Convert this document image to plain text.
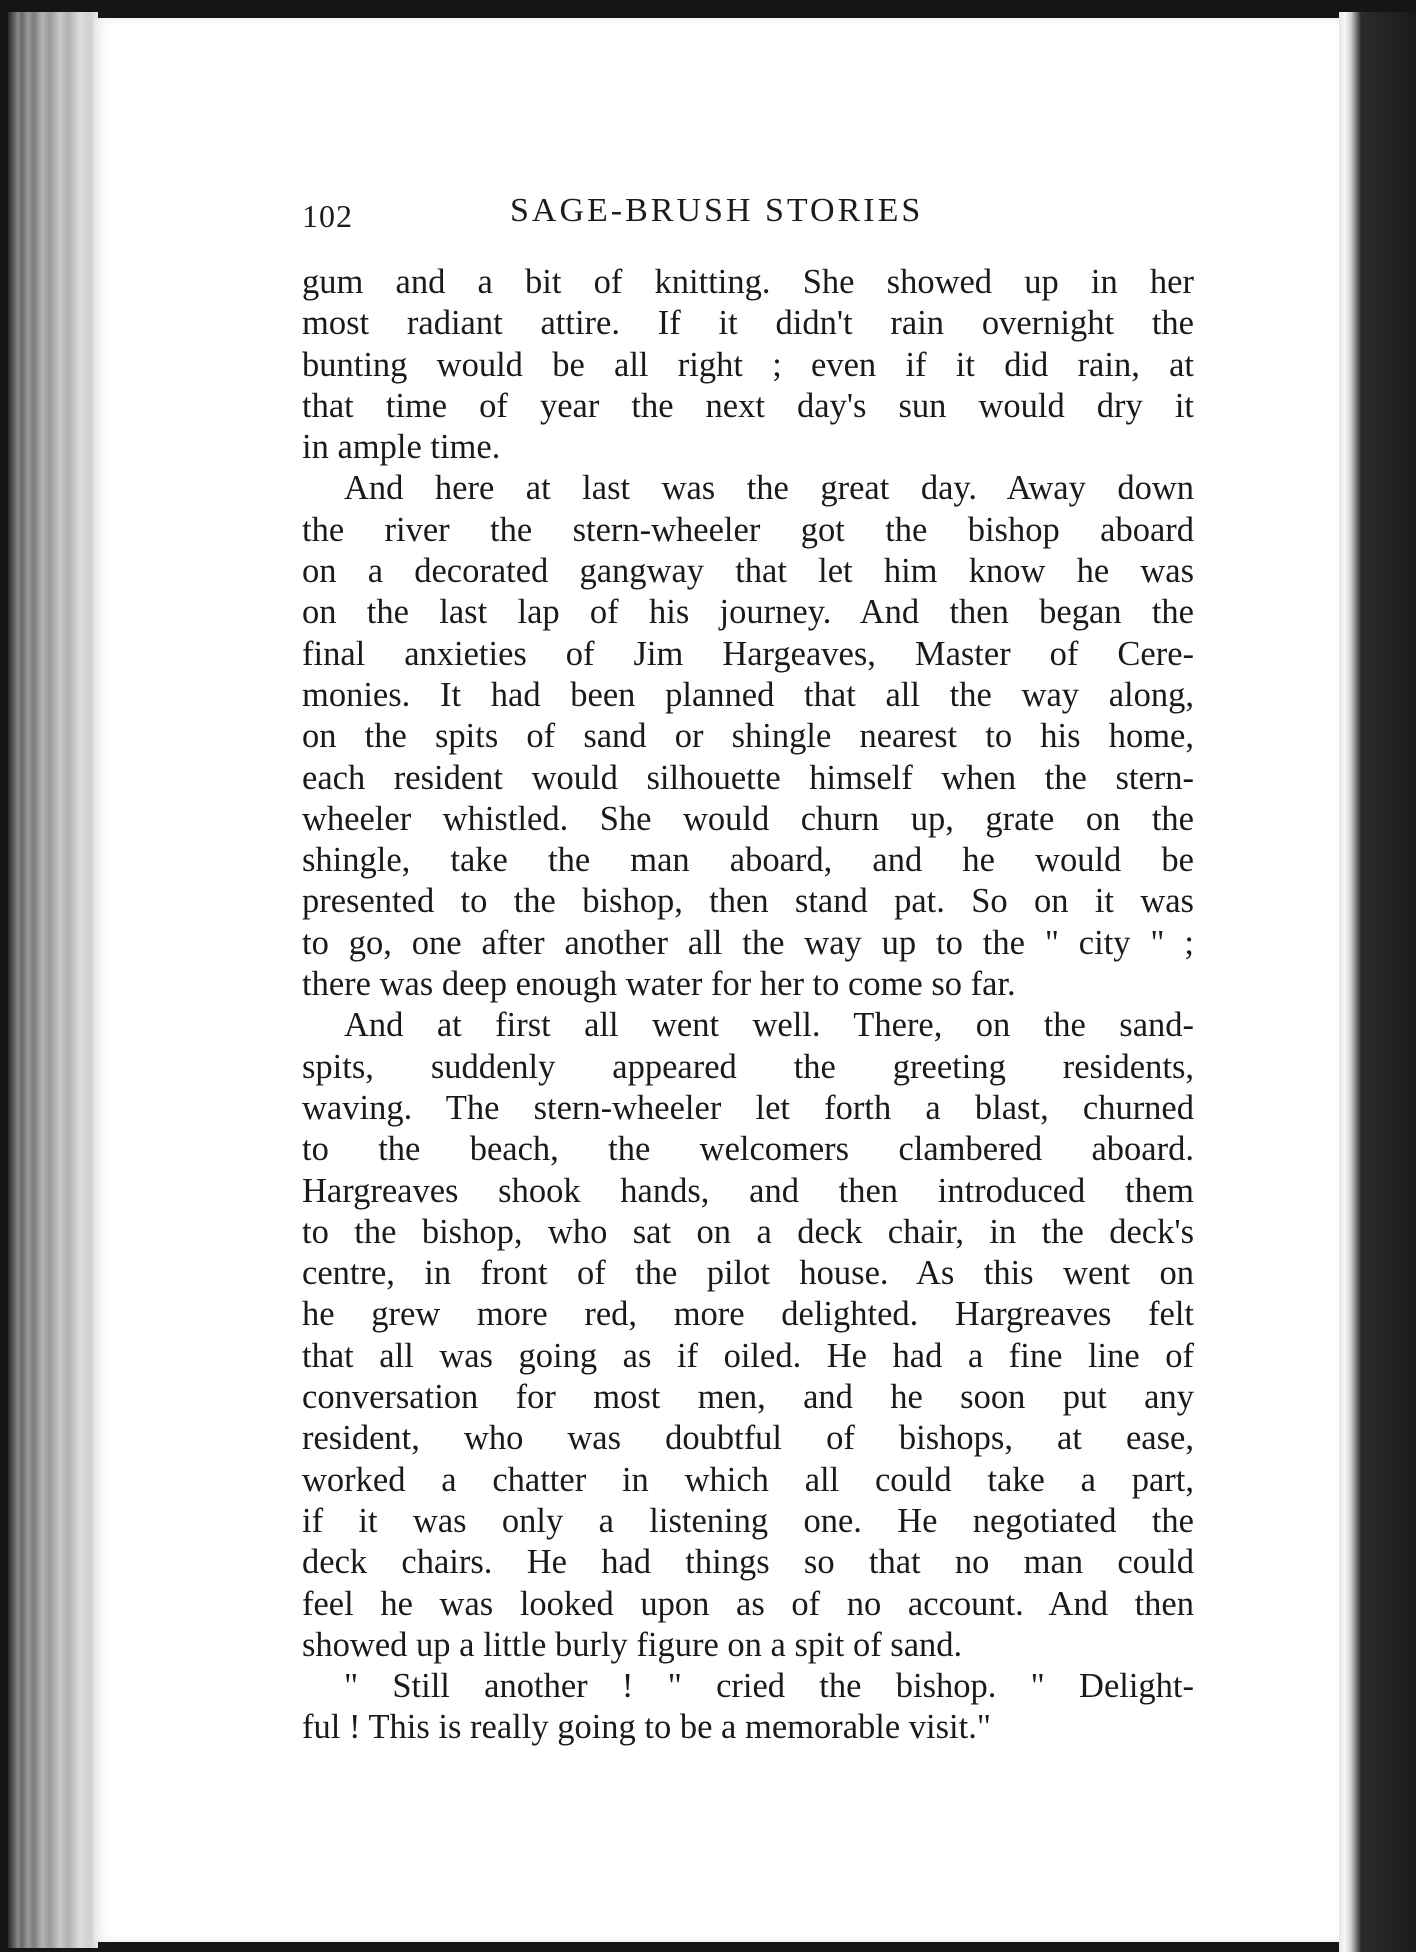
102	SAGE-BRUSH STORIES
gum and a bit of knitting. She showed up in her
most radiant attire. If it didn't rain overnight the
bunting would be all right ; even if it did rain, at
that time of year the next day's sun would dry it
in ample time.
And here at last was the great day. Away down
the river the stern-wheeler got the bishop aboard
on a decorated gangway that let him know he was
on the last lap of his journey. And then began the
final anxieties of Jim Hargeaves, Master of Cere-
monies. It had been planned that all the way along,
on the spits of sand or shingle nearest to his home,
each resident would silhouette himself when the stern-
wheeler whistled. She would churn up, grate on the
shingle, take the man aboard, and he would be
presented to the bishop, then stand pat. So on it was
to go, one after another all the way up to the " city " ;
there was deep enough water for her to come so far.
And at first all went well. There, on the sand-
spits, suddenly appeared the greeting residents,
waving. The stern-wheeler let forth a blast, churned
to the beach, the welcomers clambered aboard.
Hargreaves shook hands, and then introduced them
to the bishop, who sat on a deck chair, in the deck's
centre, in front of the pilot house. As this went on
he grew more red, more delighted. Hargreaves felt
that all was going as if oiled. He had a fine line of
conversation for most men, and he soon put any
resident, who was doubtful of bishops, at ease,
worked a chatter in which all could take a part,
if it was only a listening one. He negotiated the
deck chairs. He had things so that no man could
feel he was looked upon as of no account. And then
showed up a little burly figure on a spit of sand.
" Still another ! " cried the bishop. " Delight-
ful ! This is really going to be a memorable visit."
